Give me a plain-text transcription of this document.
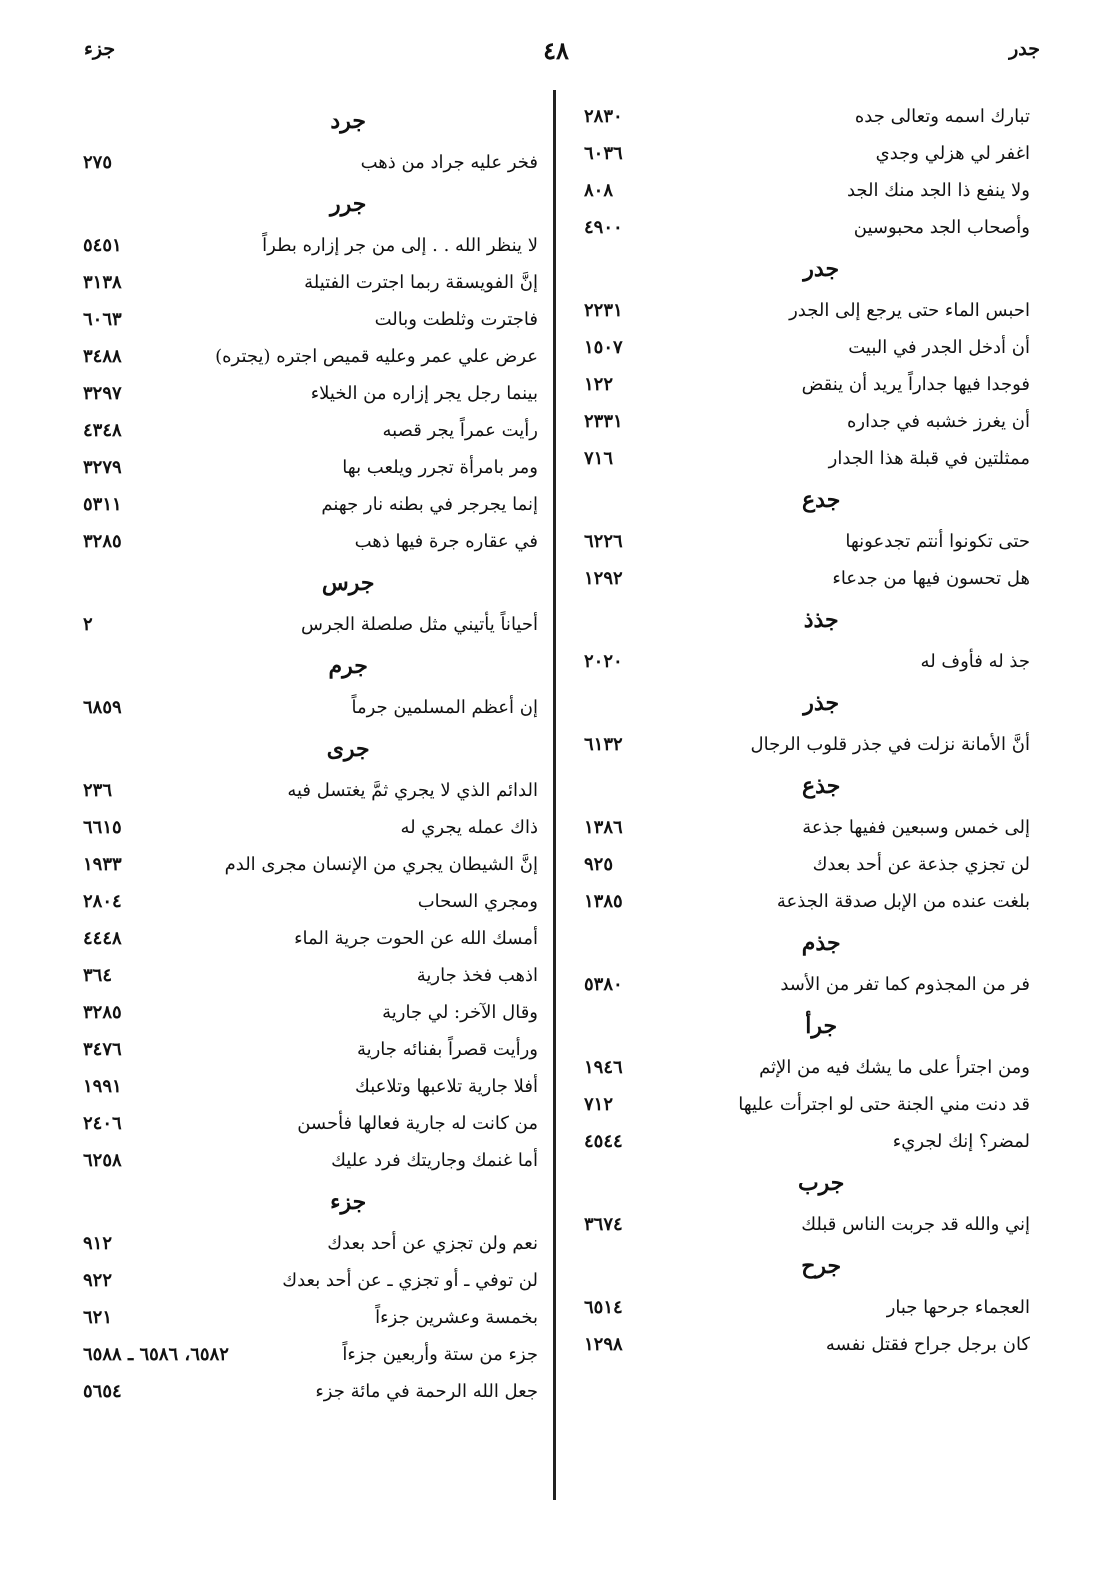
جدر
٤٨
جزء
تبارك اسمه وتعالى جده
٢٨٣٠
اغفر لي هزلي وجدي
٦٠٣٦
ولا ينفع ذا الجد منك الجد
٨٠٨
وأصحاب الجد محبوسين
٤٩٠٠
جدر
احبس الماء حتى يرجع إلى الجدر
٢٢٣١
أن أدخل الجدر في البيت
١٥٠٧
فوجدا فيها جداراً يريد أن ينقض
١٢٢
أن يغرز خشبه في جداره
٢٣٣١
ممثلتين في قبلة هذا الجدار
٧١٦
جدع
حتى تكونوا أنتم تجدعونها
٦٢٢٦
هل تحسون فيها من جدعاء
١٢٩٢
جذذ
جذ له فأوف له
٢٠٢٠
جذر
أنَّ الأمانة نزلت في جذر قلوب الرجال
٦١٣٢
جذع
إلى خمس وسبعين ففيها جذعة
١٣٨٦
لن تجزي جذعة عن أحد بعدك
٩٢٥
بلغت عنده من الإبل صدقة الجذعة
١٣٨٥
جذم
فر من المجذوم كما تفر من الأسد
٥٣٨٠
جرأ
ومن اجترأ على ما يشك فيه من الإثم
١٩٤٦
قد دنت مني الجنة حتى لو اجترأت عليها
٧١٢
لمضر؟ إنك لجريء
٤٥٤٤
جرب
إني والله قد جربت الناس قبلك
٣٦٧٤
جرح
العجماء جرحها جبار
٦٥١٤
كان برجل جراح فقتل نفسه
١٢٩٨
جرد
فخر عليه جراد من ذهب
٢٧٥
جرر
لا ينظر الله . . إلى من جر إزاره بطراً
٥٤٥١
إنَّ الفويسقة ربما اجترت الفتيلة
٣١٣٨
فاجترت وثلطت وبالت
٦٠٦٣
عرض علي عمر وعليه قميص اجتره (يجتره)
٣٤٨٨
بينما رجل يجر إزاره من الخيلاء
٣٢٩٧
رأيت عمراً يجر قصبه
٤٣٤٨
ومر بامرأة تجرر ويلعب بها
٣٢٧٩
إنما يجرجر في بطنه نار جهنم
٥٣١١
في عقاره جرة فيها ذهب
٣٢٨٥
جرس
أحياناً يأتيني مثل صلصلة الجرس
٢
جرم
إن أعظم المسلمين جرماً
٦٨٥٩
جرى
الدائم الذي لا يجري ثمَّ يغتسل فيه
٢٣٦
ذاك عمله يجري له
٦٦١٥
إنَّ الشيطان يجري من الإنسان مجرى الدم
١٩٣٣
ومجري السحاب
٢٨٠٤
أمسك الله عن الحوت جرية الماء
٤٤٤٨
اذهب فخذ جارية
٣٦٤
وقال الآخر: لي جارية
٣٢٨٥
ورأيت قصراً بفنائه جارية
٣٤٧٦
أفلا جارية تلاعبها وتلاعبك
١٩٩١
من كانت له جارية فعالها فأحسن
٢٤٠٦
أما غنمك وجاريتك فرد عليك
٦٢٥٨
جزء
نعم ولن تجزي عن أحد بعدك
٩١٢
لن توفي ـ أو تجزي ـ عن أحد بعدك
٩٢٢
بخمسة وعشرين جزءاً
٦٢١
جزء من ستة وأربعين جزءاً
٦٥٨٢، ٦٥٨٦ ـ ٦٥٨٨
جعل الله الرحمة في مائة جزء
٥٦٥٤
